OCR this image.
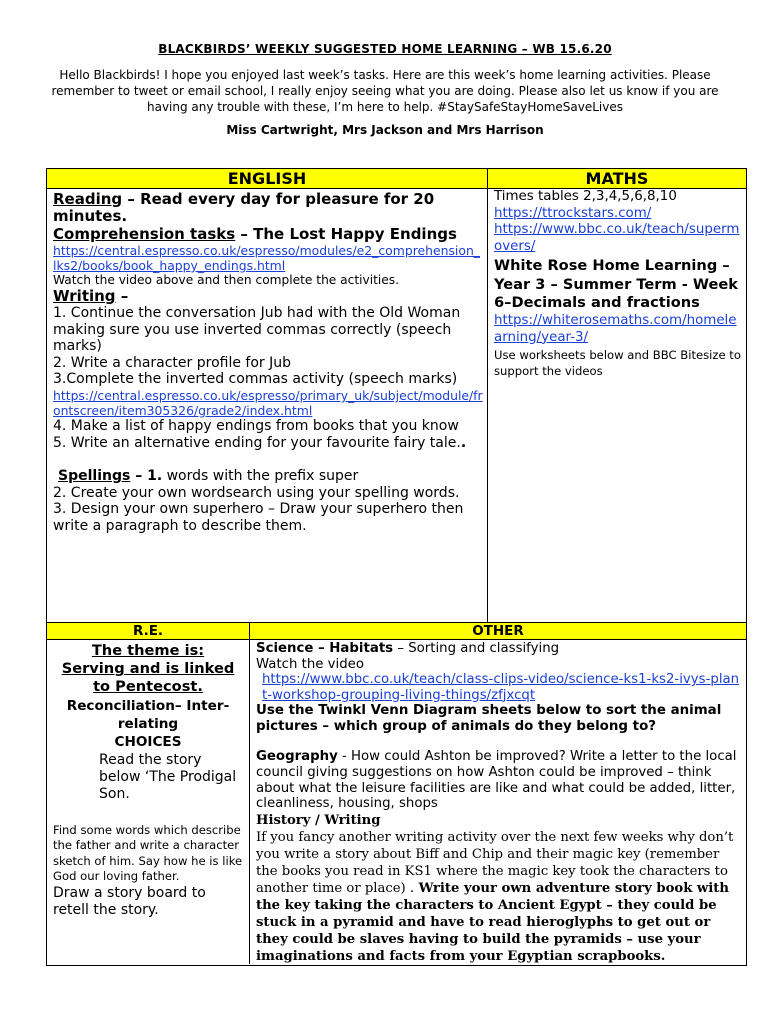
BLACKBIRDS’ WEEKLY SUGGESTED HOME LEARNING – WB 15.6.20
Hello Blackbirds! I hope you enjoyed last week’s tasks. Here are this week’s home learning activities. Please remember to tweet or email school, I really enjoy seeing what you are doing. Please also let us know if you are having any trouble with these, I’m here to help. #StaySafeStayHomeSaveLives
Miss Cartwright, Mrs Jackson and Mrs Harrison
ENGLISH	MATHS

Reading – Read every day for pleasure for 20 minutes.

Comprehension tasks – The Lost Happy Endings

https://central.espresso.co.uk/espresso/modules/e2_comprehension_lks2/books/book_happy_endings.html

Watch the video above and then complete the activities.

Writing –

1. Continue the conversation Jub had with the Old Woman making sure you use inverted commas correctly (speech marks)

2. Write a character profile for Jub

3.Complete the inverted commas activity (speech marks)

https://central.espresso.co.uk/espresso/primary_uk/subject/module/frontscreen/item305326/grade2/index.html

4. Make a list of happy endings from books that you know

5. Write an alternative ending for your favourite fairy tale..

Spellings – 1. words with the prefix super

2. Create your own wordsearch using your spelling words.

3. Design your own superhero – Draw your superhero then write a paragraph to describe them.

Times tables 2,3,4,5,6,8,10

https://ttrockstars.com/

https://www.bbc.co.uk/teach/supermovers/

White Rose Home Learning – Year 3 – Summer Term - Week 6–Decimals and fractions

https://whiterosemaths.com/homelearning/year-3/

Use worksheets below and BBC Bitesize to support the videos

R.E.	OTHER

The theme is:

Serving and is linked to Pentecost.

Reconciliation– Inter-relating

CHOICES

Read the story below ‘The Prodigal Son.

Find some words which describe the father and write a character sketch of him. Say how he is like God our loving father.

Draw a story board to retell the story.

Science – Habitats – Sorting and classifying

Watch the video

https://www.bbc.co.uk/teach/class-clips-video/science-ks1-ks2-ivys-plant-workshop-grouping-living-things/zfjxcqt

Use the Twinkl Venn Diagram sheets below to sort the animal pictures – which group of animals do they belong to?

Geography - How could Ashton be improved? Write a letter to the local council giving suggestions on how Ashton could be improved – think about what the leisure facilities are like and what could be added, litter, cleanliness, housing, shops

History / Writing

If you fancy another writing activity over the next few weeks why don’t you write a story about Biff and Chip and their magic key (remember the books you read in KS1 where the magic key took the characters to another time or place) . Write your own adventure story book with the key taking the characters to Ancient Egypt – they could be stuck in a pyramid and have to read hieroglyphs to get out or they could be slaves having to build the pyramids – use your imaginations and facts from your Egyptian scrapbooks.
